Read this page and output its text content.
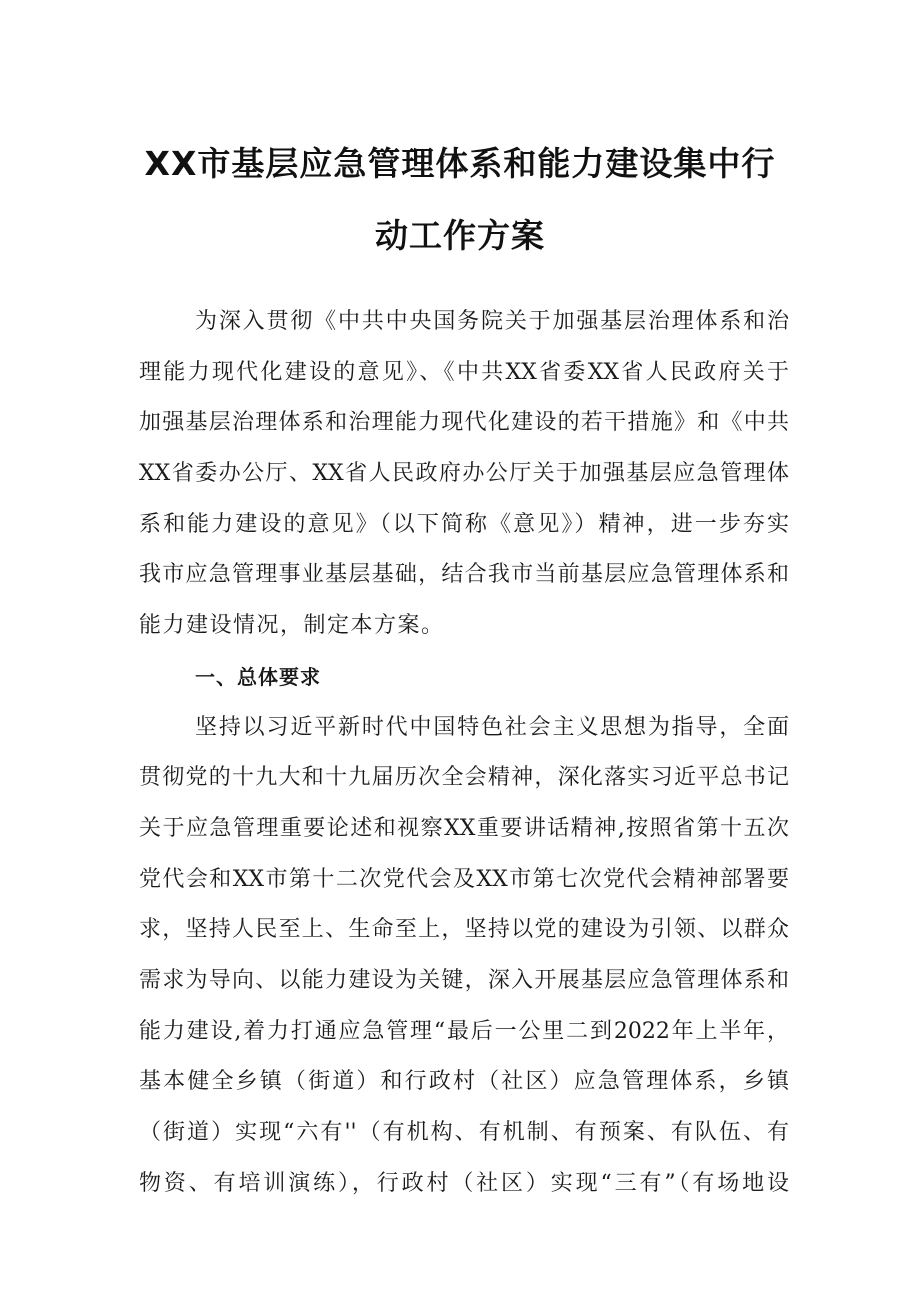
XX市基层应急管理体系和能力建设集中行
动工作方案
为深入贯彻《中共中央国务院关于加强基层治理体系和治
理能力现代化建设的意见》、《中共XX省委XX省人民政府关于
加强基层治理体系和治理能力现代化建设的若干措施》和《中共
XX省委办公厅、XX省人民政府办公厅关于加强基层应急管理体
系和能力建设的意见》（以下简称《意见》）精神，进一步夯实
我市应急管理事业基层基础，结合我市当前基层应急管理体系和
能力建设情况，制定本方案。
一、总体要求
坚持以习近平新时代中国特色社会主义思想为指导，全面
贯彻党的十九大和十九届历次全会精神，深化落实习近平总书记
关于应急管理重要论述和视察XX重要讲话精神,按照省第十五次
党代会和XX市第十二次党代会及XX市第七次党代会精神部署要
求，坚持人民至上、生命至上，坚持以党的建设为引领、以群众
需求为导向、以能力建设为关键，深入开展基层应急管理体系和
能力建设,着力打通应急管理“最后一公里二到2022年上半年，
基本健全乡镇（街道）和行政村（社区）应急管理体系，乡镇
（街道）实现“六有''（有机构、有机制、有预案、有队伍、有
物资、有培训演练），行政村（社区）实现“三有”（有场地设
